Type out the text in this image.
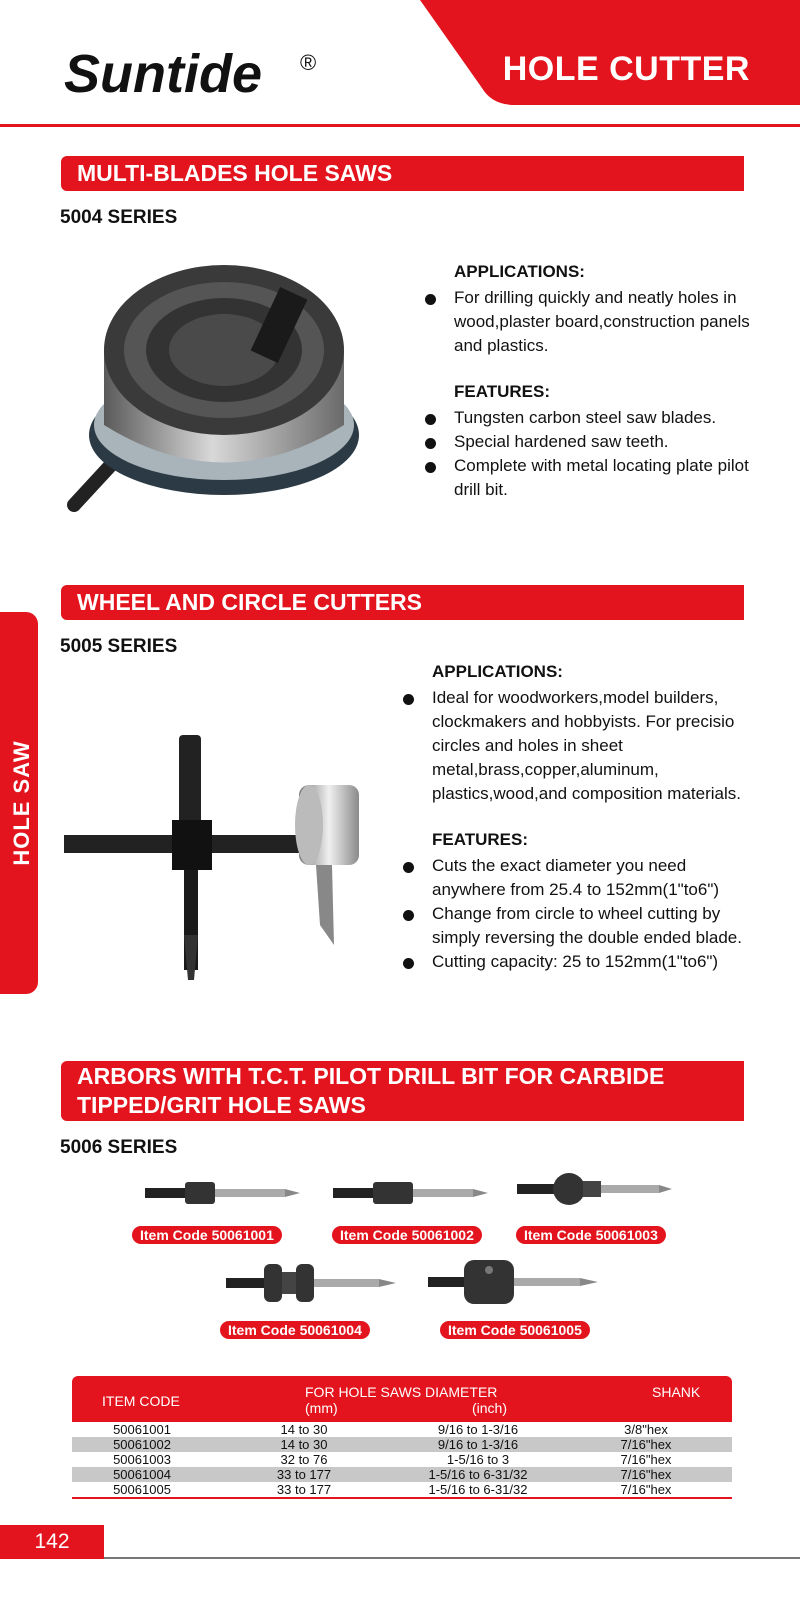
Suntide ®	HOLE CUTTER
HOLE SAW
MULTI-BLADES HOLE SAWS
5004 SERIES
APPLICATIONS:
For drilling quickly and neatly holes in wood,plaster board,construction panels and plastics.
FEATURES:
Tungsten carbon steel saw blades.
Special hardened saw teeth.
Complete with metal locating plate pilot drill bit.
WHEEL AND CIRCLE CUTTERS
5005 SERIES
APPLICATIONS:
Ideal for woodworkers,model builders, clockmakers and hobbyists. For precisio circles and holes in sheet metal,brass,copper,aluminum, plastics,wood,and composition materials.
FEATURES:
Cuts the exact diameter you need anywhere from 25.4 to 152mm(1"to6")
Change from circle to wheel cutting by simply reversing the double ended blade.
Cutting capacity: 25 to 152mm(1"to6")
ARBORS WITH T.C.T. PILOT DRILL BIT FOR CARBIDE TIPPED/GRIT HOLE SAWS
5006 SERIES
Item Code 50061001	Item Code 50061002	Item Code 50061003
Item Code 50061004	Item Code 50061005
ITEM CODE
FOR HOLE SAWS DIAMETER
(mm)	(inch)
SHANK
50061001	14 to 30	9/16 to 1-3/16	3/8"hex
50061002	14 to 30	9/16 to 1-3/16	7/16"hex
50061003	32 to 76	1-5/16 to 3	7/16"hex
50061004	33 to 177	1-5/16 to 6-31/32	7/16"hex
50061005	33 to 177	1-5/16 to 6-31/32	7/16"hex
142
